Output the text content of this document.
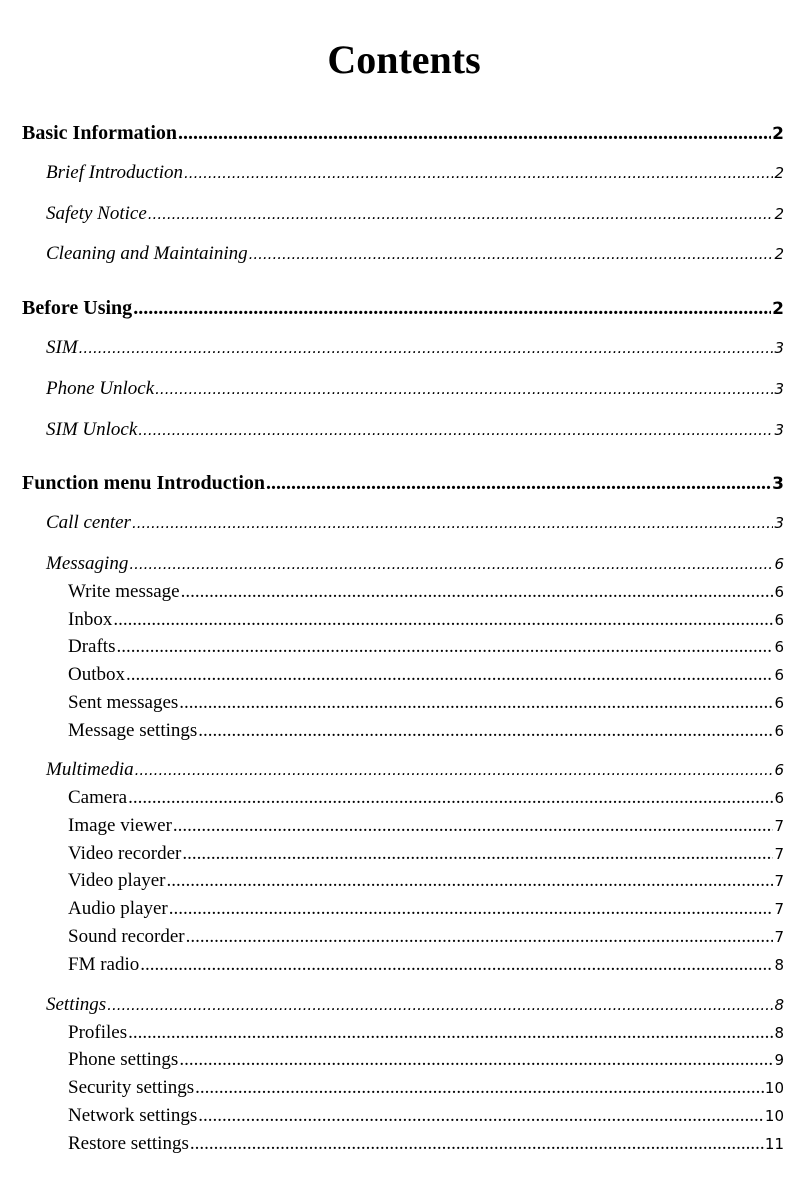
Contents
Basic Information .....	2
Brief Introduction .....	2
Safety Notice .....	2
Cleaning and Maintaining .....	2
Before Using .....	2
SIM .....	3
Phone Unlock .....	3
SIM Unlock .....	3
Function menu Introduction .....	3
Call center .....	3
Messaging .....	6
Write message .....	6
Inbox .....	6
Drafts .....	6
Outbox .....	6
Sent messages .....	6
Message settings .....	6
Multimedia .....	6
Camera .....	6
Image viewer .....	7
Video recorder .....	7
Video player .....	7
Audio player .....	7
Sound recorder .....	7
FM radio .....	8
Settings .....	8
Profiles .....	8
Phone settings .....	9
Security settings .....	10
Network settings .....	10
Restore settings .....	11
